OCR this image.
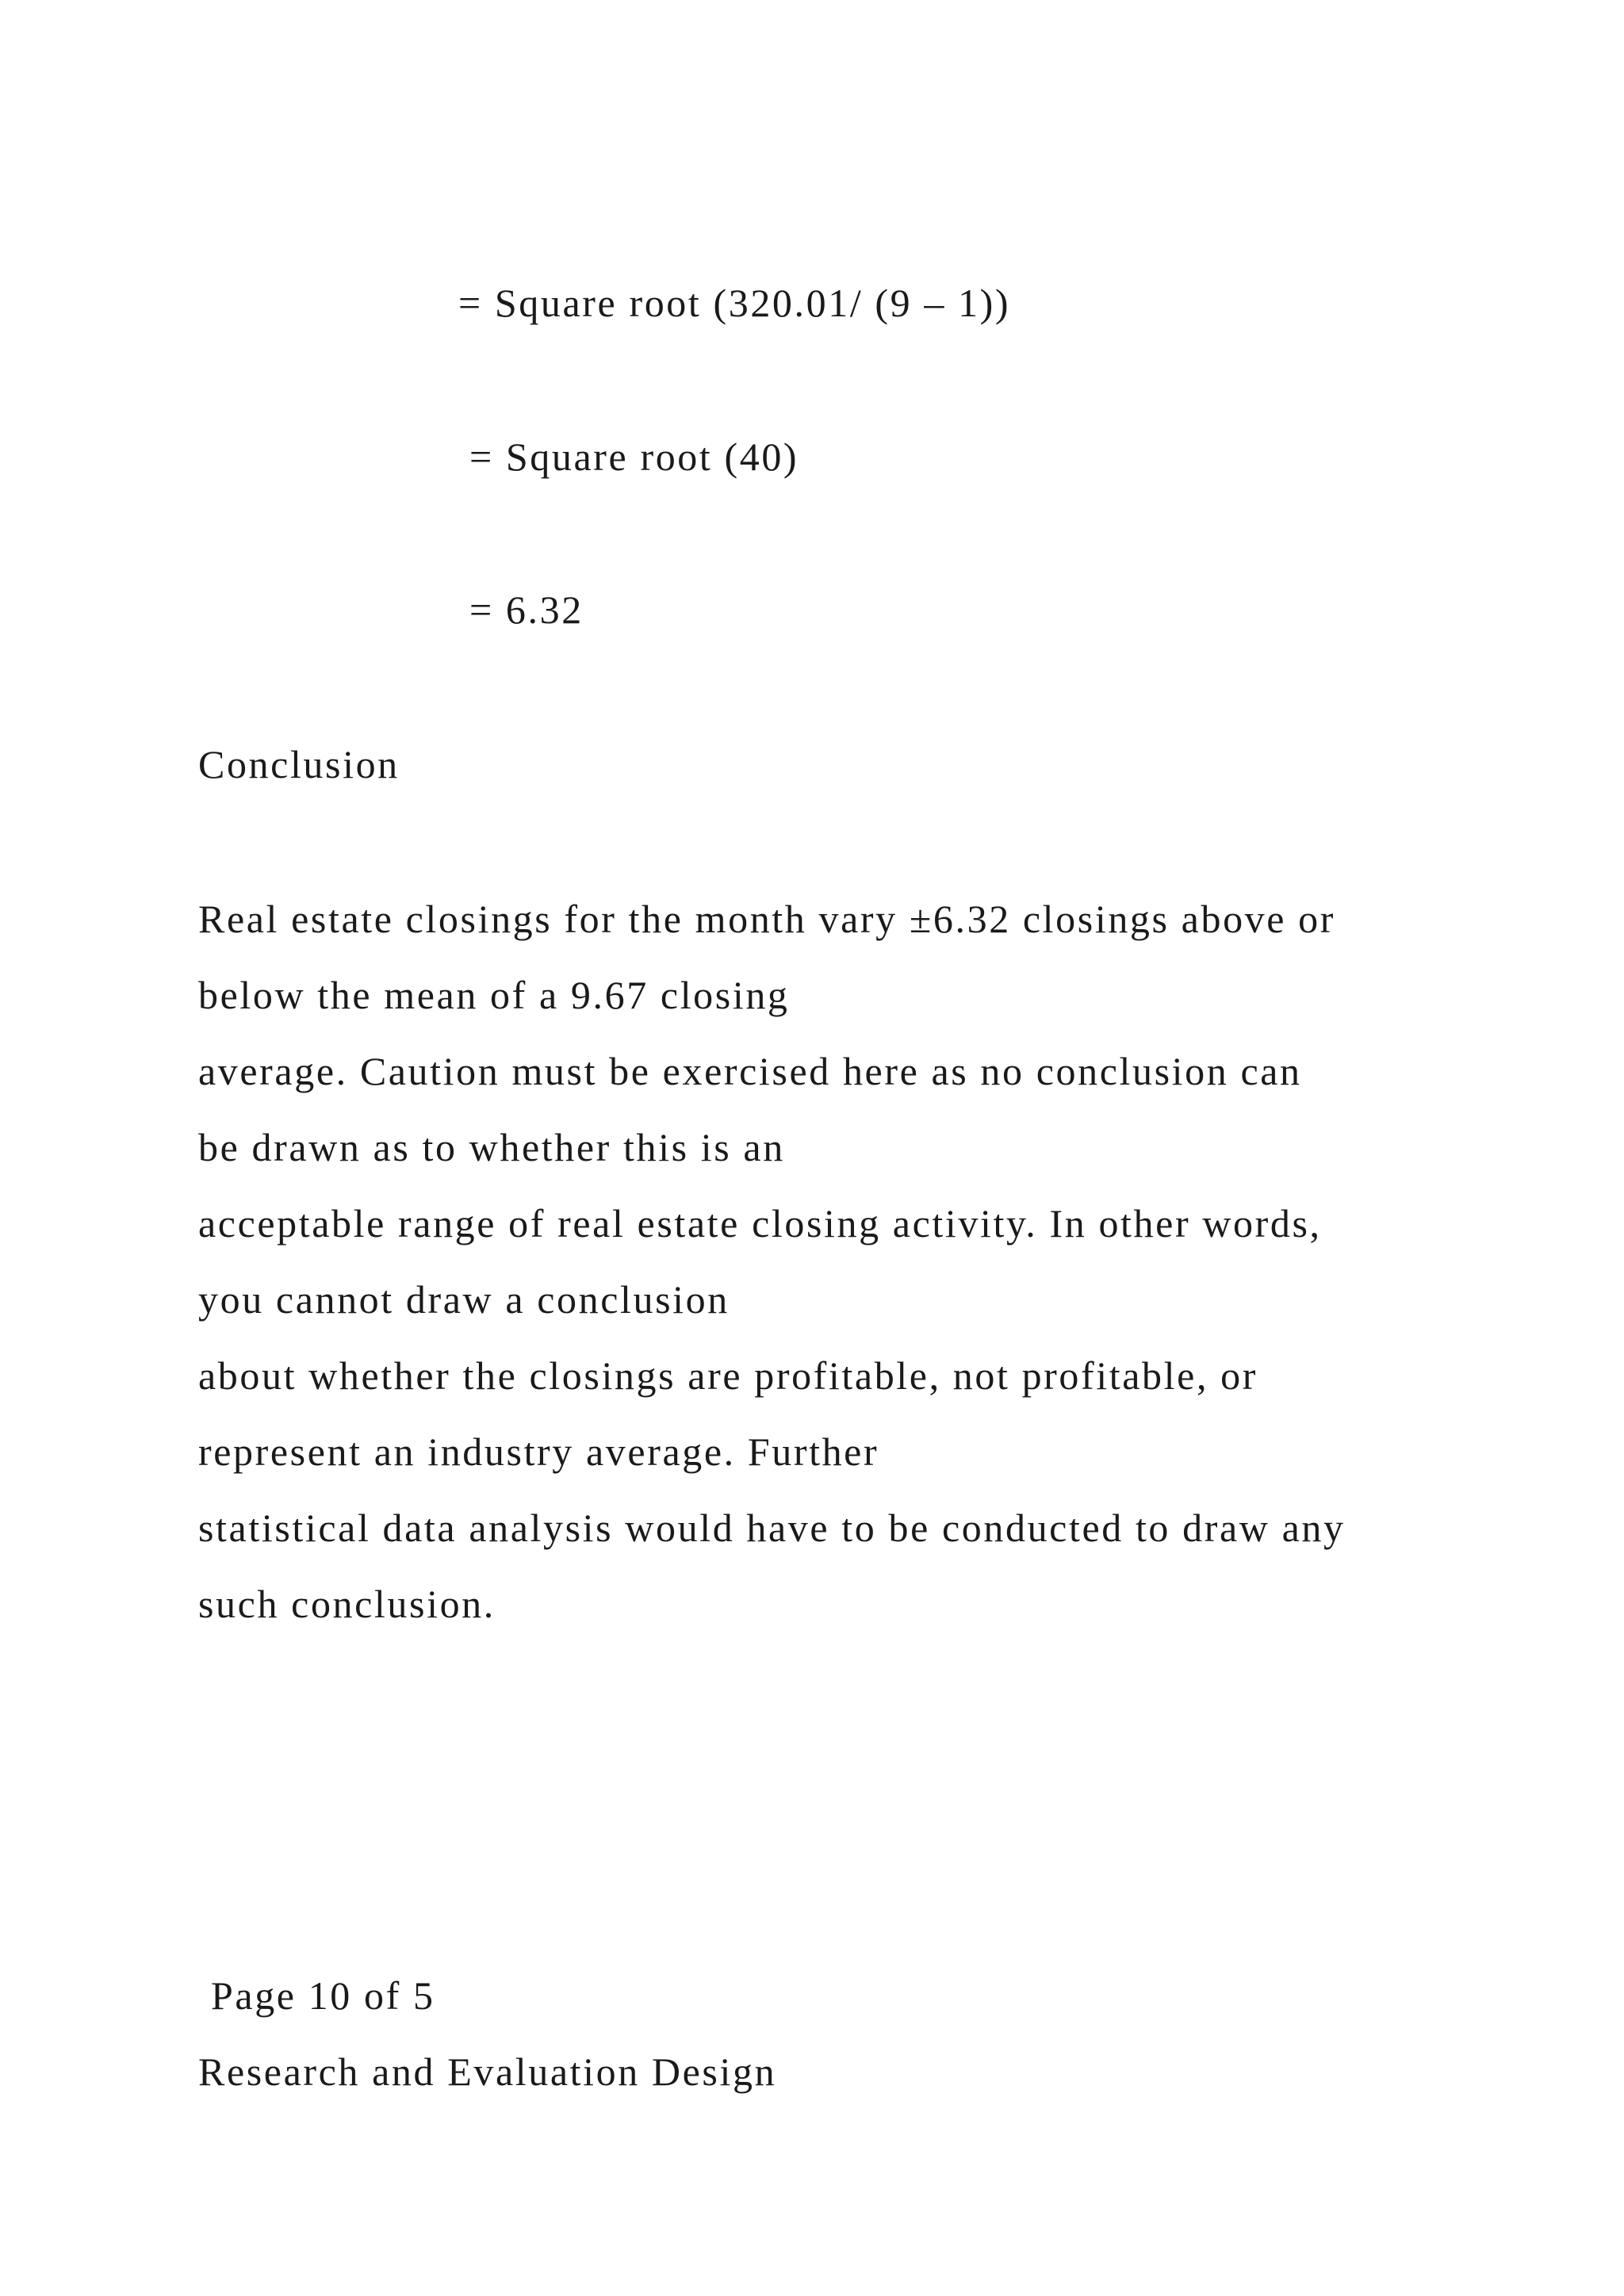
= Square root (320.01/ (9 – 1))
= Square root (40)
= 6.32
Conclusion
Real estate closings for the month vary ±6.32 closings above or
below the mean of a 9.67 closing
average. Caution must be exercised here as no conclusion can
be drawn as to whether this is an
acceptable range of real estate closing activity. In other words,
you cannot draw a conclusion
about whether the closings are profitable, not profitable, or
represent an industry average. Further
statistical data analysis would have to be conducted to draw any
such conclusion.
Page 10 of 5
Research and Evaluation Design
